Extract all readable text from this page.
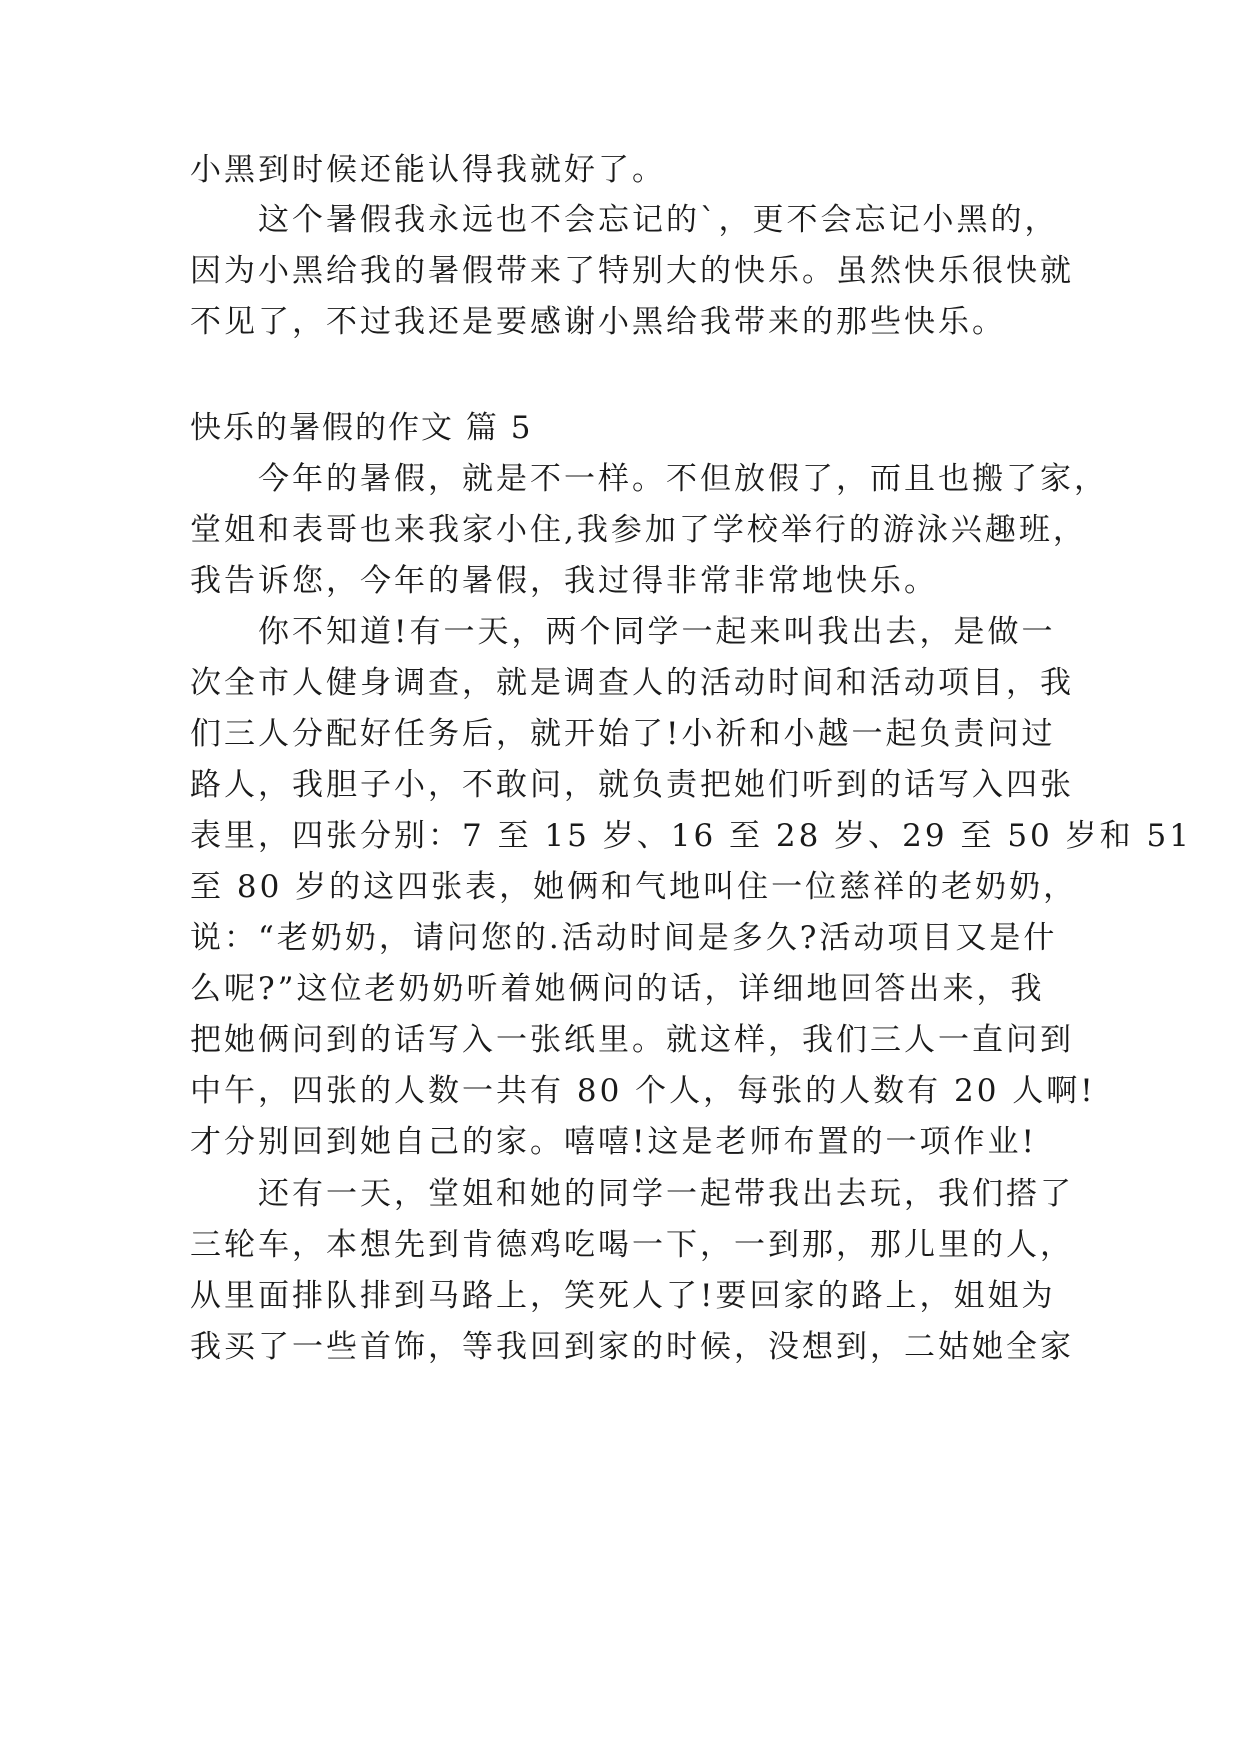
小黑到时候还能认得我就好了。
这个暑假我永远也不会忘记的`，更不会忘记小黑的，
因为小黑给我的暑假带来了特别大的快乐。虽然快乐很快就
不见了，不过我还是要感谢小黑给我带来的那些快乐。
快乐的暑假的作文 篇 5
今年的暑假，就是不一样。不但放假了，而且也搬了家，
堂姐和表哥也来我家小住,我参加了学校举行的游泳兴趣班，
我告诉您，今年的暑假，我过得非常非常地快乐。
你不知道!有一天，两个同学一起来叫我出去，是做一
次全市人健身调查，就是调查人的活动时间和活动项目，我
们三人分配好任务后，就开始了!小祈和小越一起负责问过
路人，我胆子小，不敢问，就负责把她们听到的话写入四张
表里，四张分别：7 至 15 岁、16 至 28 岁、29 至 50 岁和 51
至 80 岁的这四张表，她俩和气地叫住一位慈祥的老奶奶，
说：“老奶奶，请问您的.活动时间是多久?活动项目又是什
么呢?”这位老奶奶听着她俩问的话，详细地回答出来，我
把她俩问到的话写入一张纸里。就这样，我们三人一直问到
中午，四张的人数一共有 80 个人，每张的人数有 20 人啊!
才分别回到她自己的家。嘻嘻!这是老师布置的一项作业!
还有一天，堂姐和她的同学一起带我出去玩，我们搭了
三轮车，本想先到肯德鸡吃喝一下，一到那，那儿里的人，
从里面排队排到马路上，笑死人了!要回家的路上，姐姐为
我买了一些首饰，等我回到家的时候，没想到，二姑她全家
